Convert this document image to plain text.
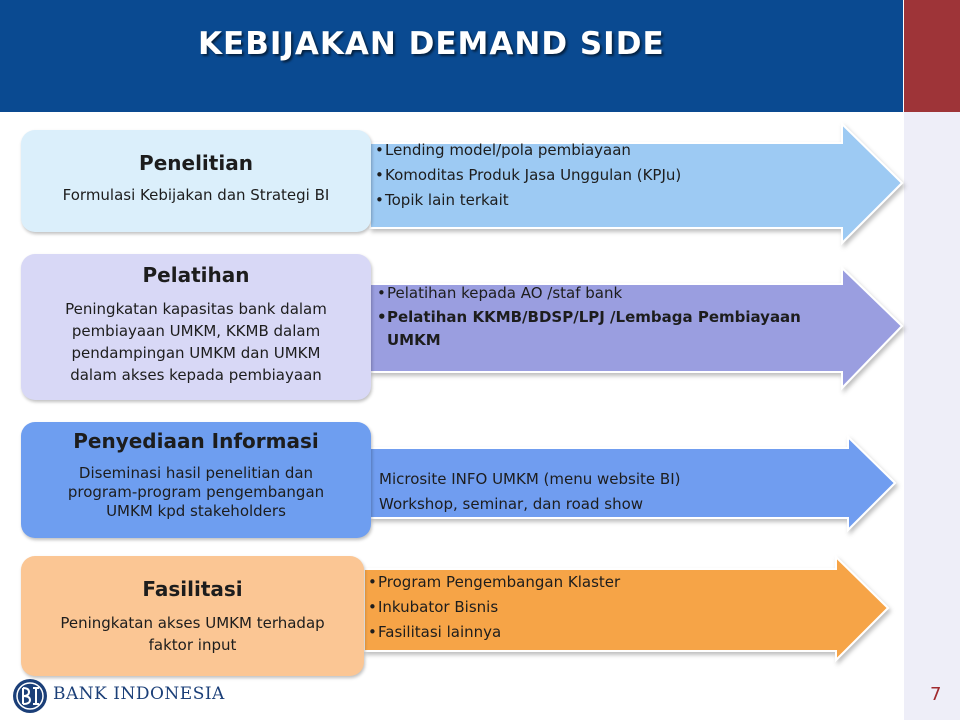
KEBIJAKAN DEMAND SIDE
Penelitian
Formulasi Kebijakan dan Strategi BI
• Lending model/pola pembiayaan
• Komoditas Produk Jasa Unggulan (KPJu)
• Topik lain terkait
Pelatihan
Peningkatan kapasitas bank dalam pembiayaan UMKM, KKMB dalam pendampingan UMKM dan UMKM dalam akses kepada pembiayaan
• Pelatihan kepada AO /staf bank
• Pelatihan KKMB/BDSP/LPJ /Lembaga Pembiayaan UMKM
Penyediaan Informasi
Diseminasi hasil penelitian dan program-program pengembangan UMKM kpd stakeholders
Microsite INFO UMKM (menu website BI)
Workshop, seminar, dan road show
Fasilitasi
Peningkatan akses UMKM terhadap faktor input
• Program Pengembangan Klaster
• Inkubator Bisnis
• Fasilitasi lainnya
BANK INDONESIA	7
